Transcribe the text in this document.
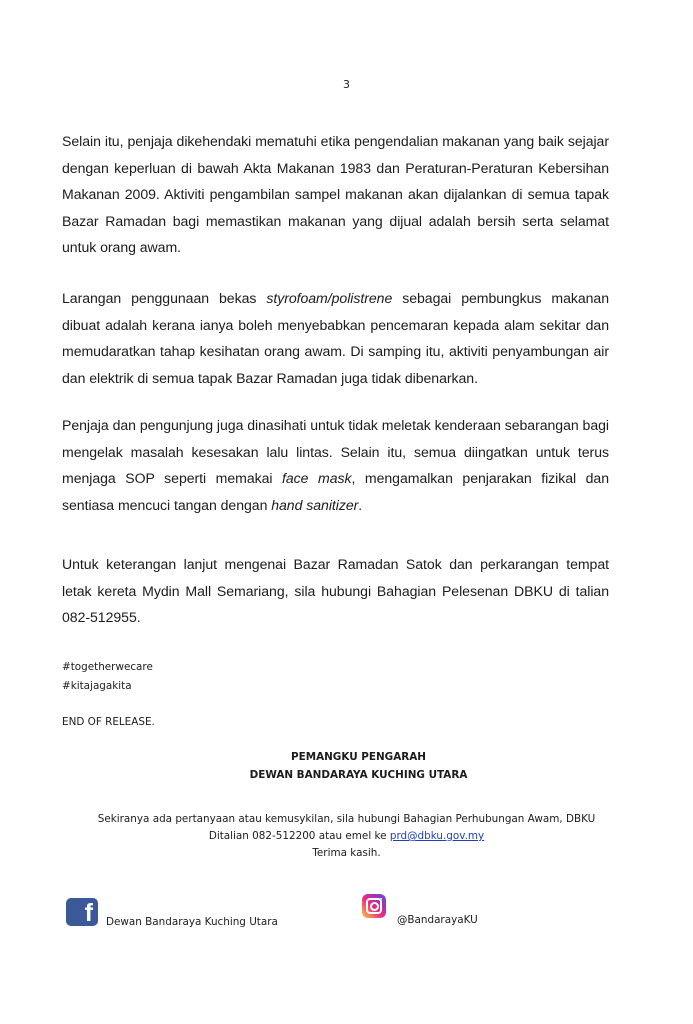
3

Selain itu, penjaja dikehendaki mematuhi etika pengendalian makanan yang baik sejajar dengan keperluan di bawah Akta Makanan 1983 dan Peraturan-Peraturan Kebersihan Makanan 2009. Aktiviti pengambilan sampel makanan akan dijalankan di semua tapak Bazar Ramadan bagi memastikan makanan yang dijual adalah bersih serta selamat untuk orang awam.

Larangan penggunaan bekas styrofoam/polistrene sebagai pembungkus makanan dibuat adalah kerana ianya boleh menyebabkan pencemaran kepada alam sekitar dan memudaratkan tahap kesihatan orang awam. Di samping itu, aktiviti penyambungan air dan elektrik di semua tapak Bazar Ramadan juga tidak dibenarkan.

Penjaja dan pengunjung juga dinasihati untuk tidak meletak kenderaan sebarangan bagi mengelak masalah kesesakan lalu lintas. Selain itu, semua diingatkan untuk terus menjaga SOP seperti memakai face mask, mengamalkan penjarakan fizikal dan sentiasa mencuci tangan dengan hand sanitizer.

Untuk keterangan lanjut mengenai Bazar Ramadan Satok dan perkarangan tempat letak kereta Mydin Mall Semariang, sila hubungi Bahagian Pelesenan DBKU di talian 082-512955.

#togetherwecare
#kitajagakita
END OF RELEASE.
PEMANGKU PENGARAH
DEWAN BANDARAYA KUCHING UTARA
Sekiranya ada pertanyaan atau kemusykilan, sila hubungi Bahagian Perhubungan Awam, DBKU
Ditalian 082-512200 atau emel ke prd@dbku.gov.my
Terima kasih.
f Dewan Bandaraya Kuching Utara	@BandarayaKU
